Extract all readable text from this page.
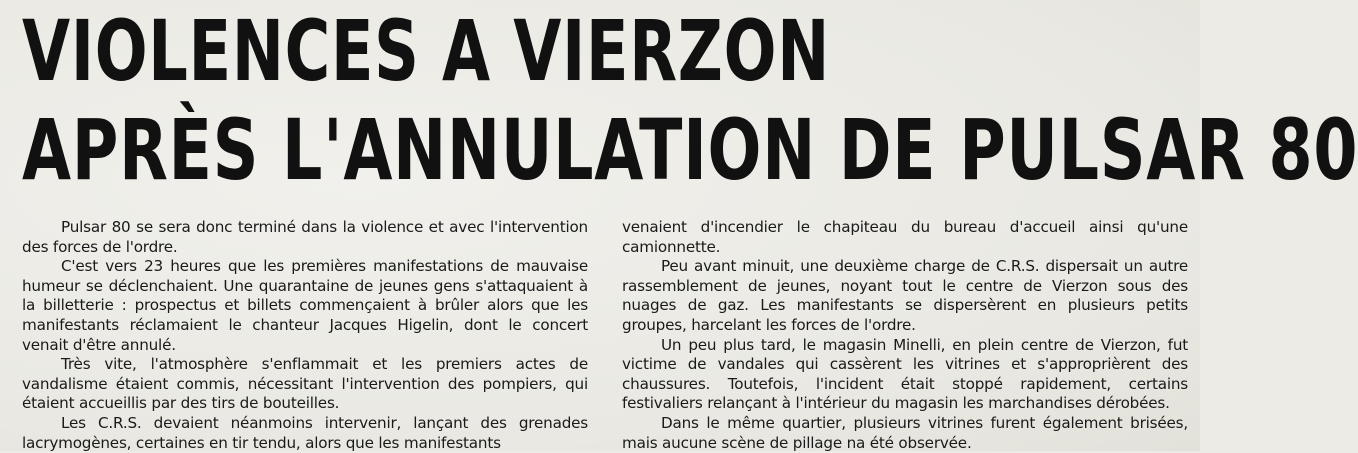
VIOLENCES A VIERZON
APRÈS L'ANNULATION DE PULSAR 80

Pulsar 80 se sera donc terminé dans la violence et avec l'intervention des forces de l'ordre.

C'est vers 23 heures que les premières manifestations de mauvaise humeur se déclenchaient. Une quarantaine de jeunes gens s'attaquaient à la billetterie : prospectus et billets commençaient à brûler alors que les manifestants réclamaient le chanteur Jacques Higelin, dont le concert venait d'être annulé.

Très vite, l'atmosphère s'enflammait et les premiers actes de vandalisme étaient commis, nécessitant l'intervention des pompiers, qui étaient accueillis par des tirs de bouteilles.

Les C.R.S. devaient néanmoins intervenir, lançant des grenades lacrymogènes, certaines en tir tendu, alors que les manifestants

venaient d'incendier le chapiteau du bureau d'accueil ainsi qu'une camionnette.

Peu avant minuit, une deuxième charge de C.R.S. dispersait un autre rassemblement de jeunes, noyant tout le centre de Vierzon sous des nuages de gaz. Les manifestants se dispersèrent en plusieurs petits groupes, harcelant les forces de l'ordre.

Un peu plus tard, le magasin Minelli, en plein centre de Vierzon, fut victime de vandales qui cassèrent les vitrines et s'approprièrent des chaussures. Toutefois, l'incident était stoppé rapidement, certains festivaliers relançant à l'intérieur du magasin les marchandises dérobées.

Dans le même quartier, plusieurs vitrines furent également brisées, mais aucune scène de pillage na été observée.
